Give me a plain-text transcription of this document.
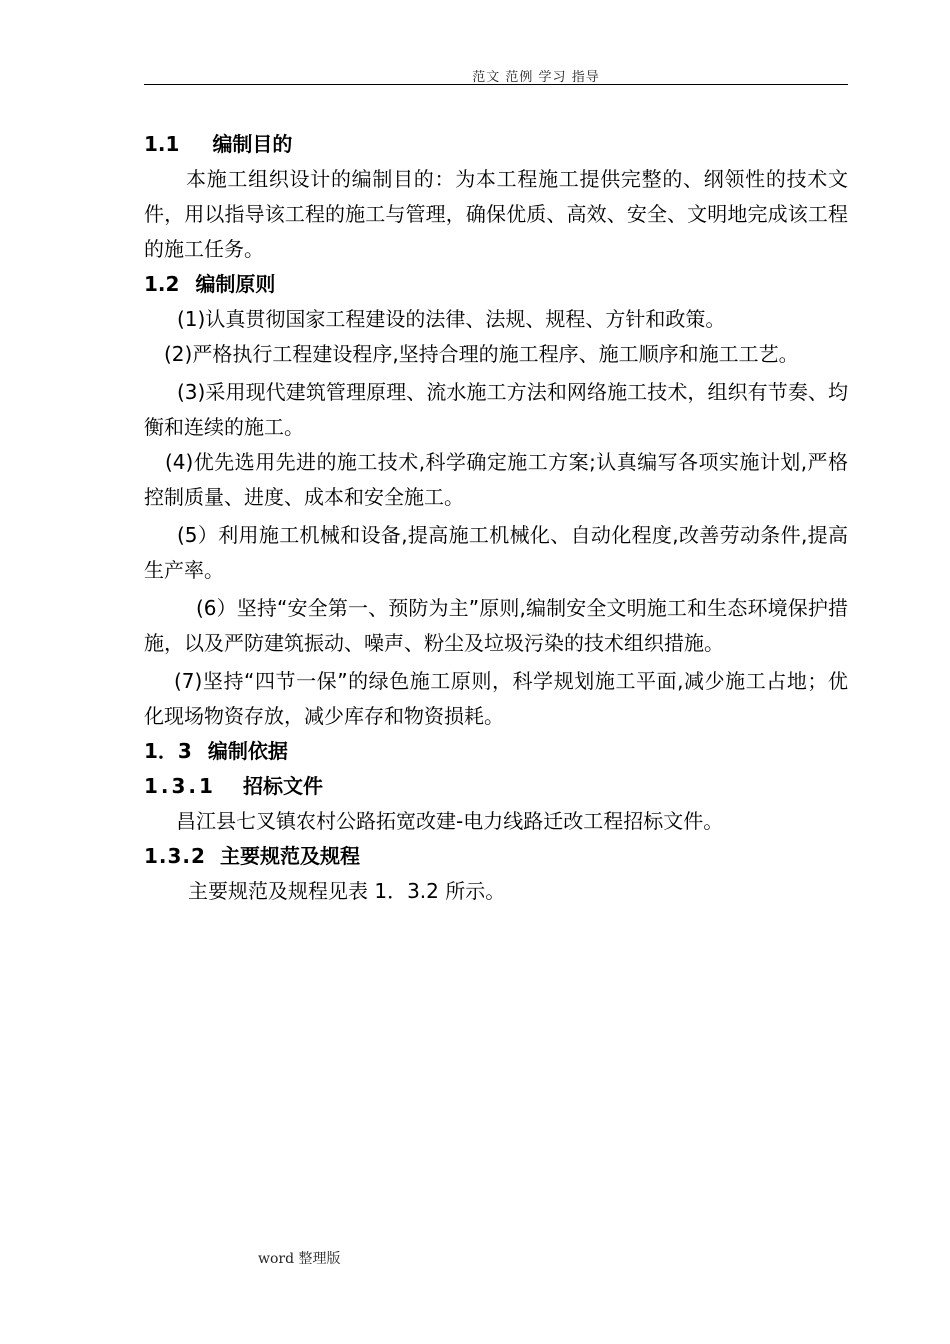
范文 范例 学习 指导

1.1 编制目的

本施工组织设计的编制目的：为本工程施工提供完整的、纲领性的技术文件，用以指导该工程的施工与管理，确保优质、高效、安全、文明地完成该工程的施工任务。

1.2 编制原则

(1)认真贯彻国家工程建设的法律、法规、规程、方针和政策。

(2)严格执行工程建设程序,坚持合理的施工程序、施工顺序和施工工艺。

(3)采用现代建筑管理原理、流水施工方法和网络施工技术，组织有节奏、均衡和连续的施工。

(4)优先选用先进的施工技术,科学确定施工方案;认真编写各项实施计划,严格控制质量、进度、成本和安全施工。

(5）利用施工机械和设备,提高施工机械化、自动化程度,改善劳动条件,提高生产率。

(6）坚持“安全第一、预防为主”原则,编制安全文明施工和生态环境保护措施，以及严防建筑振动、噪声、粉尘及垃圾污染的技术组织措施。

(7)坚持“四节一保”的绿色施工原则，科学规划施工平面,减少施工占地；优化现场物资存放，减少库存和物资损耗。

1．3 编制依据

1.3.1 招标文件

昌江县七叉镇农村公路拓宽改建-电力线路迁改工程招标文件。

1.3.2 主要规范及规程

主要规范及规程见表 1．3.2 所示。

word 整理版
